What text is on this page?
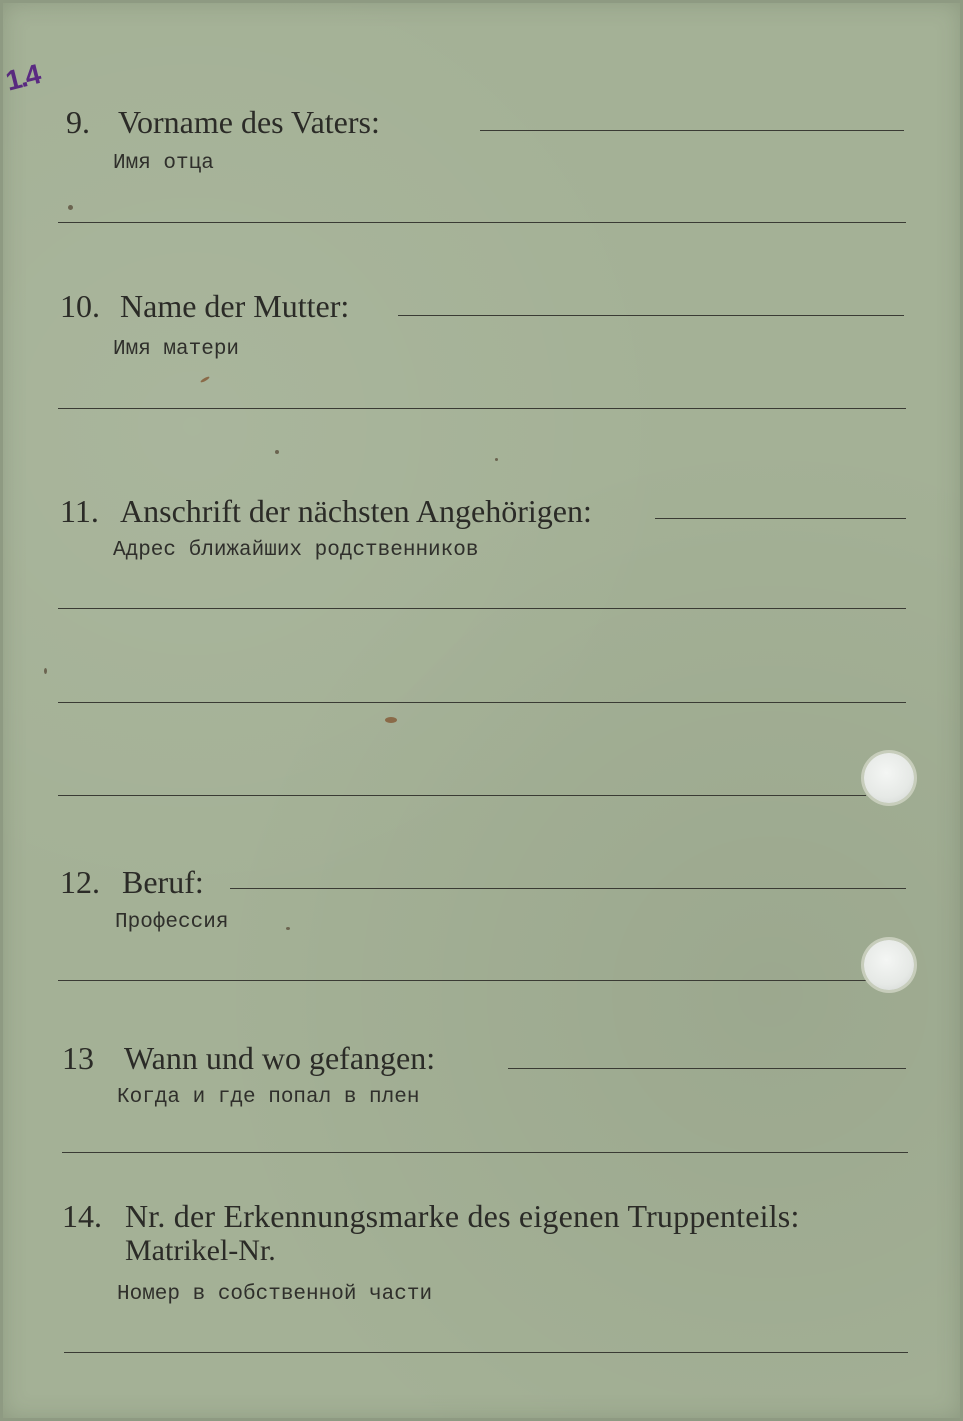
1.4
9. Vorname des Vaters:
Имя отца
10. Name der Mutter:
Имя матери
11. Anschrift der nächsten Angehörigen:
Адрес ближайших родственников
12. Beruf:
Профессия
13 Wann und wo gefangen:
Когда и где попал в плен
14. Nr. der Erkennungsmarke des eigenen Truppenteils:
Matrikel-Nr.
Номер в собственной части
